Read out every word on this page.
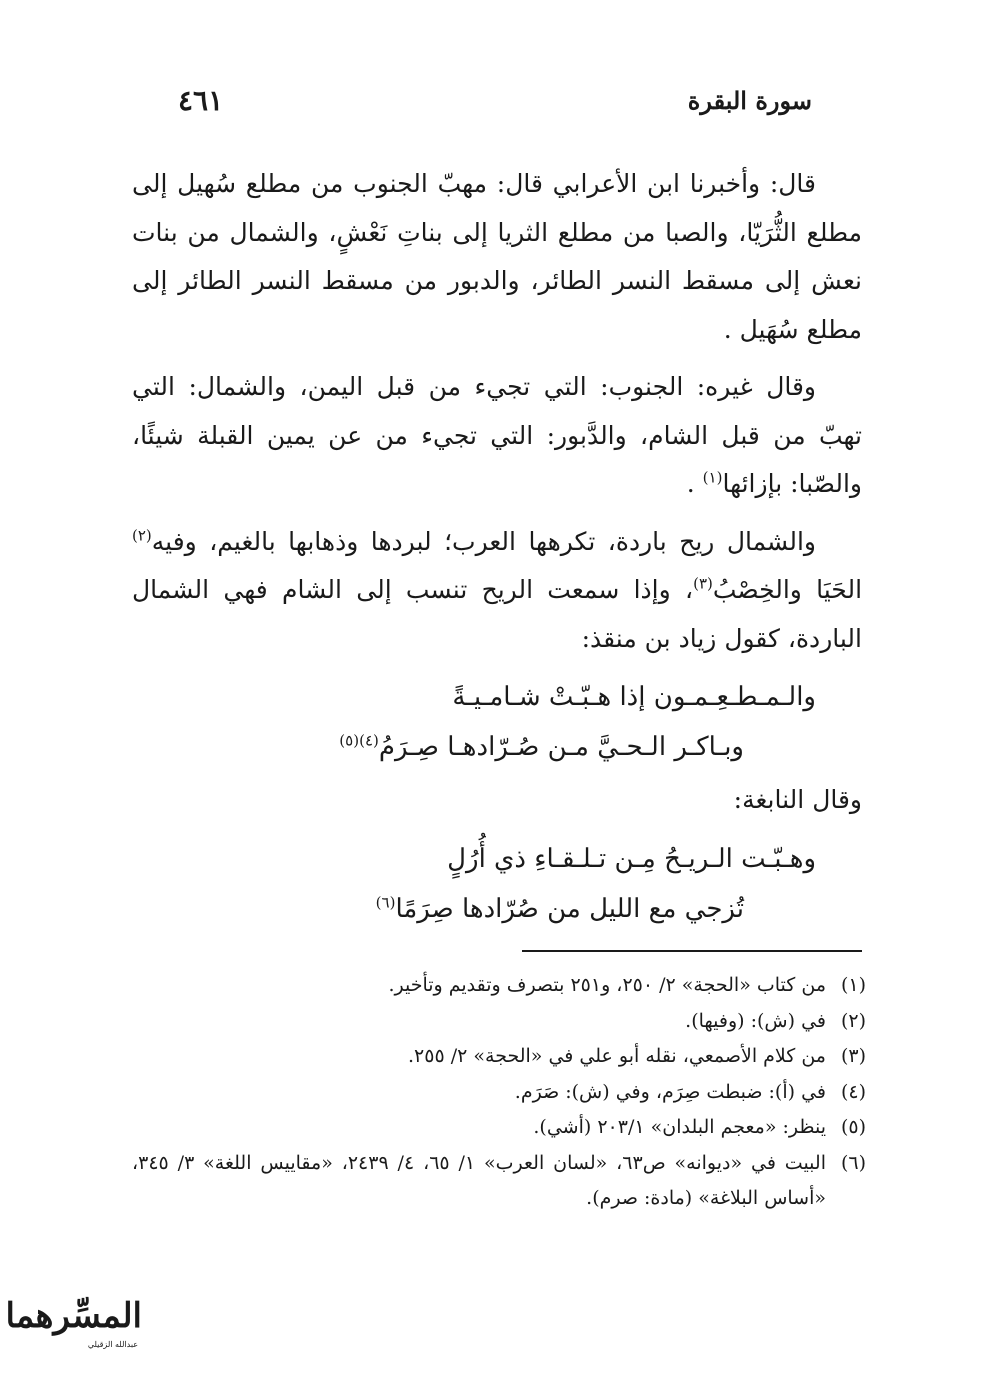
سورة البقرة
٤٦١

قال: وأخبرنا ابن الأعرابي قال: مهبّ الجنوب من مطلع سُهيل إلى مطلع الثُّرَيّا، والصبا من مطلع الثريا إلى بناتِ نَعْشٍ، والشمال من بنات نعش إلى مسقط النسر الطائر، والدبور من مسقط النسر الطائر إلى مطلع سُهَيل .

وقال غيره: الجنوب: التي تجيء من قبل اليمن، والشمال: التي تهبّ من قبل الشام، والدَّبور: التي تجيء من عن يمين القبلة شيئًا، والصّبا: بإزائها$^{(١)}$ .

والشمال ريح باردة، تكرهها العرب؛ لبردها وذهابها بالغيم، وفيه$^{(٢)}$ الحَيَا والخِصْبُ$^{(٣)}$، وإذا سمعت الريح تنسب إلى الشام فهي الشمال الباردة، كقول زياد بن منقذ:

والـمـطـعِـمـون إذا هـبّـتْ شـامـيـةً

وبـاكـر الـحـيَّ مـن صُـرّادهـا صِـرَمُ$^{(٤)(٥)}$

وقال النابغة:

وهـبّـت الـريـحُ مِـن تـلـقـاءِ ذي أُرُلٍ

تُزجي مع الليل من صُرّادها صِرَمًا$^{(٦)}$

(١)
من كتاب «الحجة» ٢/ ٢٥٠، و٢٥١ بتصرف وتقديم وتأخير.
(٢)
في (ش): (وفيها).
(٣)
من كلام الأصمعي، نقله أبو علي في «الحجة» ٢/ ٢٥٥.
(٤)
في (أ): ضبطت صِرَم، وفي (ش): صَرَم.
(٥)
ينظر: «معجم البلدان» ٢٠٣/١ (أشي).
(٦)
البيت في «ديوانه» ص٦٣، «لسان العرب» ١/ ٦٥، ٤/ ٢٤٣٩، «مقاييس اللغة» ٣/ ٣٤٥، «أساس البلاغة» (مادة: صرم).
المسِّرهما
عبدالله الزقيلي
